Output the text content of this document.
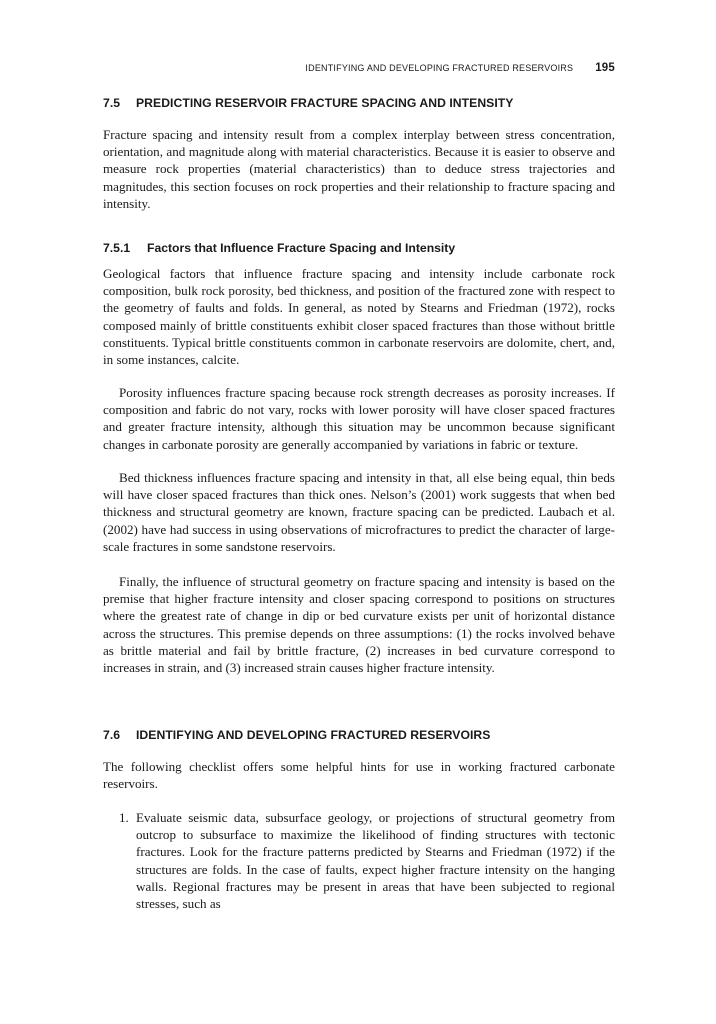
IDENTIFYING AND DEVELOPING FRACTURED RESERVOIRS 195
7.5 PREDICTING RESERVOIR FRACTURE SPACING AND INTENSITY

Fracture spacing and intensity result from a complex interplay between stress concentration, orientation, and magnitude along with material characteristics. Because it is easier to observe and measure rock properties (material characteristics) than to deduce stress trajectories and magnitudes, this section focuses on rock properties and their relationship to fracture spacing and intensity.

7.5.1 Factors that Influence Fracture Spacing and Intensity

Geological factors that influence fracture spacing and intensity include carbonate rock composition, bulk rock porosity, bed thickness, and position of the fractured zone with respect to the geometry of faults and folds. In general, as noted by Stearns and Friedman (1972), rocks composed mainly of brittle constituents exhibit closer spaced fractures than those without brittle constituents. Typical brittle constituents common in carbonate reservoirs are dolomite, chert, and, in some instances, calcite.

Porosity influences fracture spacing because rock strength decreases as porosity increases. If composition and fabric do not vary, rocks with lower porosity will have closer spaced fractures and greater fracture intensity, although this situation may be uncommon because significant changes in carbonate porosity are generally accompanied by variations in fabric or texture.

Bed thickness influences fracture spacing and intensity in that, all else being equal, thin beds will have closer spaced fractures than thick ones. Nelson’s (2001) work suggests that when bed thickness and structural geometry are known, fracture spacing can be predicted. Laubach et al. (2002) have had success in using observations of microfractures to predict the character of large-scale fractures in some sandstone reservoirs.

Finally, the influence of structural geometry on fracture spacing and intensity is based on the premise that higher fracture intensity and closer spacing correspond to positions on structures where the greatest rate of change in dip or bed curvature exists per unit of horizontal distance across the structures. This premise depends on three assumptions: (1) the rocks involved behave as brittle material and fail by brittle fracture, (2) increases in bed curvature correspond to increases in strain, and (3) increased strain causes higher fracture intensity.

7.6 IDENTIFYING AND DEVELOPING FRACTURED RESERVOIRS

The following checklist offers some helpful hints for use in working fractured carbonate reservoirs.

1. Evaluate seismic data, subsurface geology, or projections of structural geometry from outcrop to subsurface to maximize the likelihood of finding structures with tectonic fractures. Look for the fracture patterns predicted by Stearns and Friedman (1972) if the structures are folds. In the case of faults, expect higher fracture intensity on the hanging walls. Regional fractures may be present in areas that have been subjected to regional stresses, such as
